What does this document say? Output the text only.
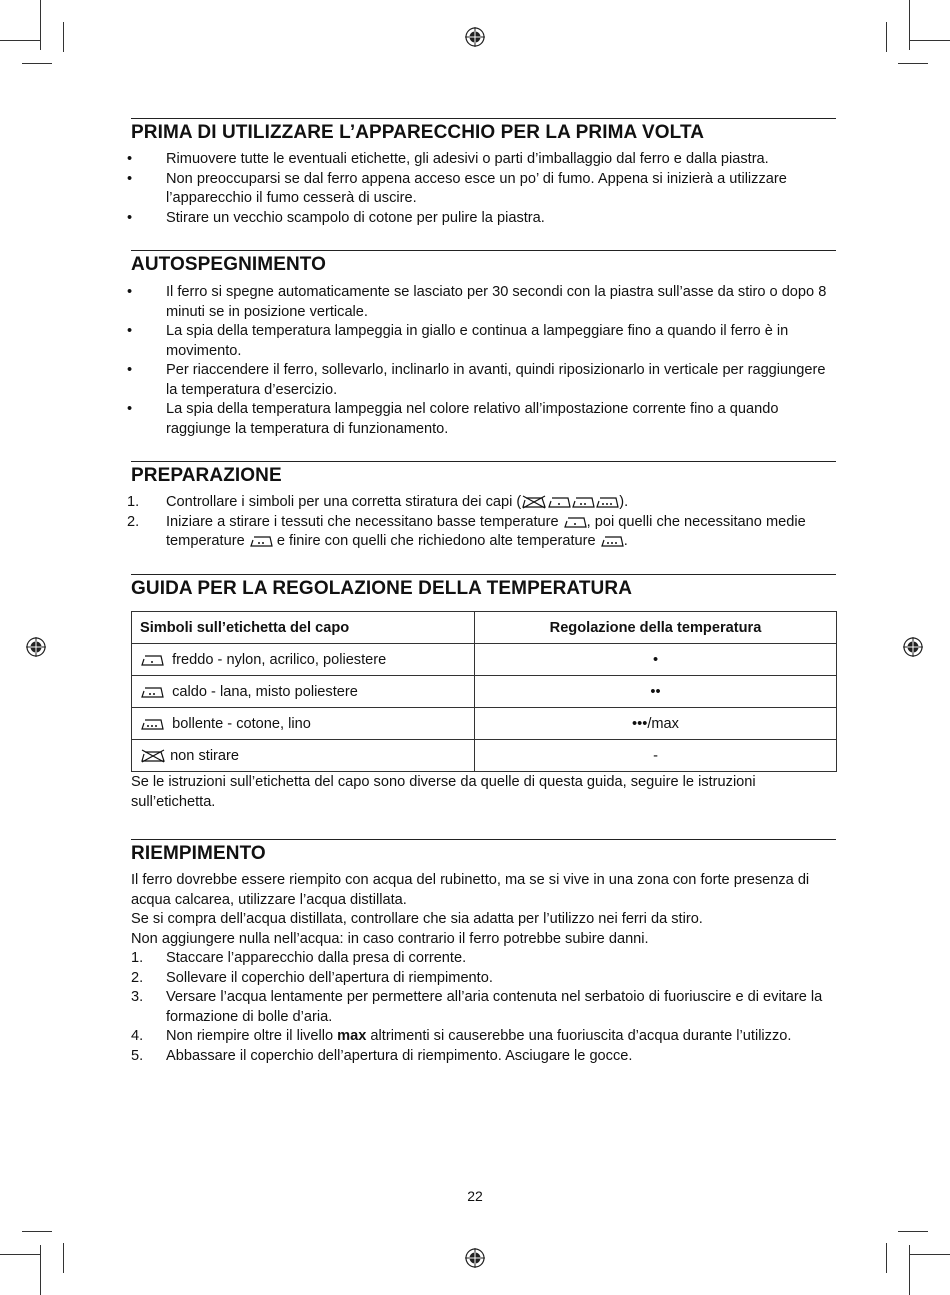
PRIMA DI UTILIZZARE L’APPARECCHIO PER LA PRIMA VOLTA
• Rimuovere tutte le eventuali etichette, gli adesivi o parti d’imballaggio dal ferro e dalla piastra.
• Non preoccuparsi se dal ferro appena acceso esce un po’ di fumo. Appena si inizierà a utilizzare l’apparecchio il fumo cesserà di uscire.
• Stirare un vecchio scampolo di cotone per pulire la piastra.
AUTOSPEGNIMENTO
• Il ferro si spegne automaticamente se lasciato per 30 secondi con la piastra sull’asse da stiro o dopo 8 minuti se in posizione verticale.
• La spia della temperatura lampeggia in giallo e continua a lampeggiare fino a quando il ferro è in movimento.
• Per riaccendere il ferro, sollevarlo, inclinarlo in avanti, quindi riposizionarlo in verticale per raggiungere la temperatura d’esercizio.
• La spia della temperatura lampeggia nel colore relativo all’impostazione corrente fino a quando raggiunge la temperatura di funzionamento.
PREPARAZIONE
1. Controllare i simboli per una corretta stiratura dei capi (	).
2. Iniziare a stirare i tessuti che necessitano basse temperature , poi quelli che necessitano medie temperature e finire con quelli che richiedono alte temperature .
GUIDA PER LA REGOLAZIONE DELLA TEMPERATURA
Simboli sull’etichetta del capo	Regolazione della temperatura
freddo - nylon, acrilico, poliestere	•
caldo - lana, misto poliestere	••
bollente - cotone, lino	•••/max
non stirare	-

Se le istruzioni sull’etichetta del capo sono diverse da quelle di questa guida, seguire le istruzioni sull’etichetta.

RIEMPIMENTO

Il ferro dovrebbe essere riempito con acqua del rubinetto, ma se si vive in una zona con forte presenza di acqua calcarea, utilizzare l’acqua distillata.

Se si compra dell’acqua distillata, controllare che sia adatta per l’utilizzo nei ferri da stiro.

Non aggiungere nulla nell’acqua: in caso contrario il ferro potrebbe subire danni.

1. Staccare l’apparecchio dalla presa di corrente.
2. Sollevare il coperchio dell’apertura di riempimento.
3. Versare l’acqua lentamente per permettere all’aria contenuta nel serbatoio di fuoriuscire e di evitare la formazione di bolle d’aria.
4. Non riempire oltre il livello max altrimenti si causerebbe una fuoriuscita d’acqua durante l’utilizzo.
5. Abbassare il coperchio dell’apertura di riempimento. Asciugare le gocce.
22
